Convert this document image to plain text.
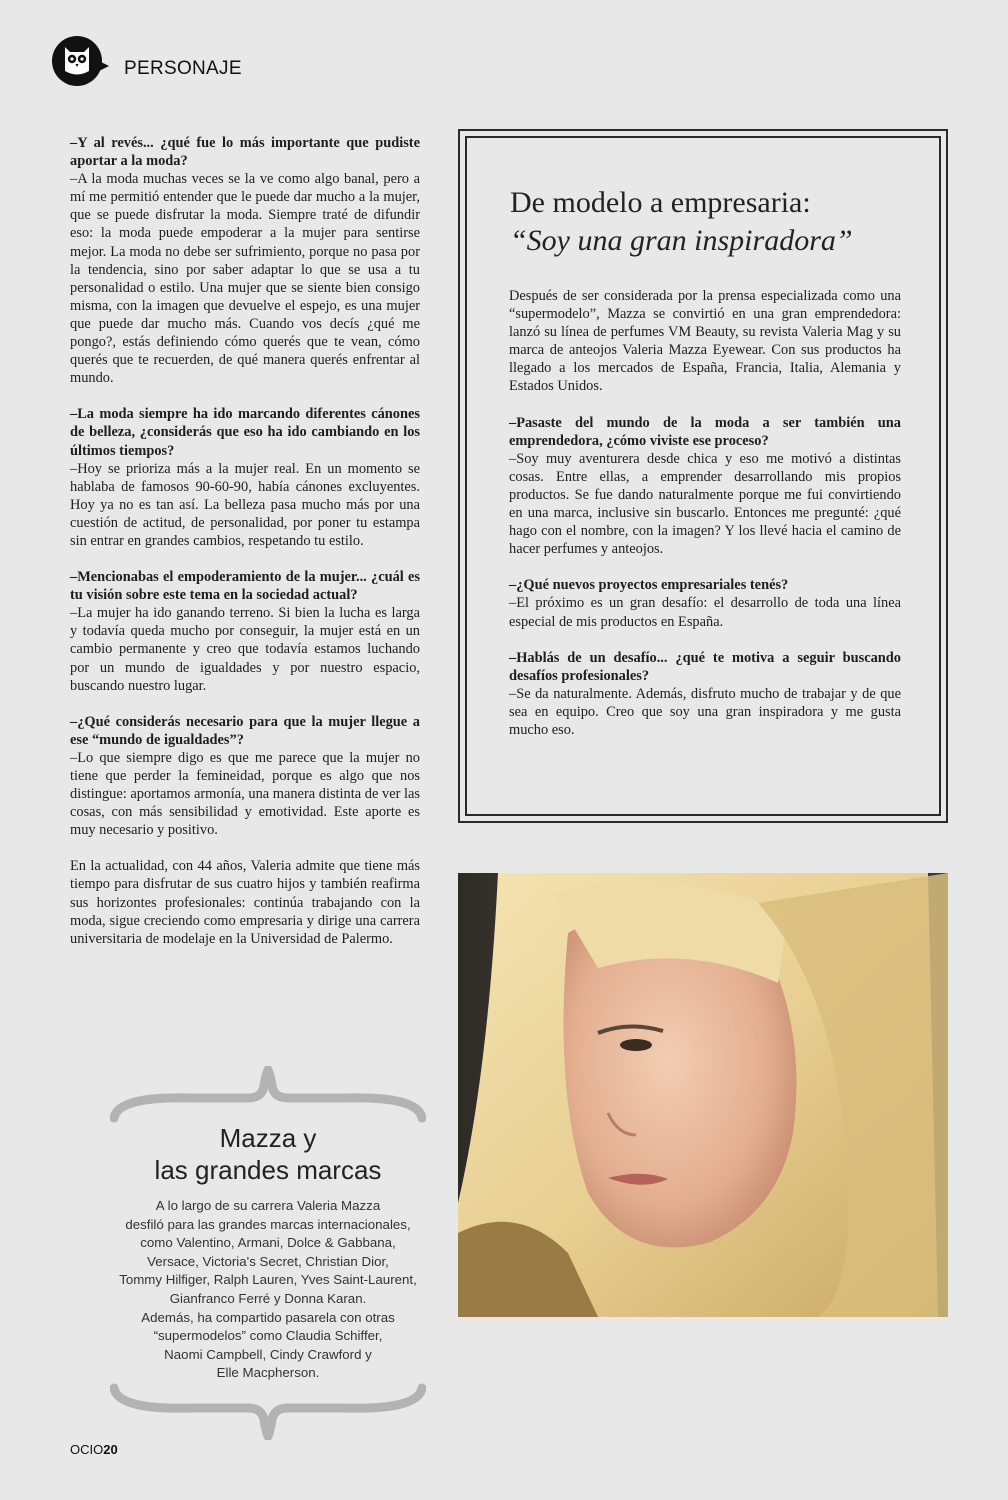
PERSONAJE
–Y al revés... ¿qué fue lo más importante que pudiste aportar a la moda?
–A la moda muchas veces se la ve como algo banal, pero a mí me permitió entender que le puede dar mucho a la mujer, que se puede disfrutar la moda. Siempre traté de difundir eso: la moda puede empoderar a la mujer para sentirse mejor. La moda no debe ser sufrimiento, porque no pasa por la tendencia, sino por saber adaptar lo que se usa a tu personalidad o estilo. Una mujer que se siente bien consigo misma, con la imagen que devuelve el espejo, es una mujer que puede dar mucho más. Cuando vos decís ¿qué me pongo?, estás definiendo cómo querés que te vean, cómo querés que te recuerden, de qué manera querés enfrentar al mundo.
–La moda siempre ha ido marcando diferentes cánones de belleza, ¿considerás que eso ha ido cambiando en los últimos tiempos?
–Hoy se prioriza más a la mujer real. En un momento se hablaba de famosos 90-60-90, había cánones excluyentes. Hoy ya no es tan así. La belleza pasa mucho más por una cuestión de actitud, de personalidad, por poner tu estampa sin entrar en grandes cambios, respetando tu estilo.
–Mencionabas el empoderamiento de la mujer... ¿cuál es tu visión sobre este tema en la sociedad actual?
–La mujer ha ido ganando terreno. Si bien la lucha es larga y todavía queda mucho por conseguir, la mujer está en un cambio permanente y creo que todavía estamos luchando por un mundo de igualdades y por nuestro espacio, buscando nuestro lugar.
–¿Qué considerás necesario para que la mujer llegue a ese “mundo de igualdades”?
–Lo que siempre digo es que me parece que la mujer no tiene que perder la femineidad, porque es algo que nos distingue: aportamos armonía, una manera distinta de ver las cosas, con más sensibilidad y emotividad. Este aporte es muy necesario y positivo.
En la actualidad, con 44 años, Valeria admite que tiene más tiempo para disfrutar de sus cuatro hijos y también reafirma sus horizontes profesionales: continúa trabajando con la moda, sigue creciendo como empresaria y dirige una carrera universitaria de modelaje en la Universidad de Palermo.
De modelo a empresaria:
“Soy una gran inspiradora”
Después de ser considerada por la prensa especializada como una “supermodelo”, Mazza se convirtió en una gran emprendedora: lanzó su línea de perfumes VM Beauty, su revista Valeria Mag y su marca de anteojos Valeria Mazza Eyewear. Con sus productos ha llegado a los mercados de España, Francia, Italia, Alemania y Estados Unidos.
–Pasaste del mundo de la moda a ser también una emprendedora, ¿cómo viviste ese proceso?
–Soy muy aventurera desde chica y eso me motivó a distintas cosas. Entre ellas, a emprender desarrollando mis propios productos. Se fue dando naturalmente porque me fui convirtiendo en una marca, inclusive sin buscarlo. Entonces me pregunté: ¿qué hago con el nombre, con la imagen? Y los llevé hacia el camino de hacer perfumes y anteojos.
–¿Qué nuevos proyectos empresariales tenés?
–El próximo es un gran desafío: el desarrollo de toda una línea especial de mis productos en España.
–Hablás de un desafío... ¿qué te motiva a seguir buscando desafíos profesionales?
–Se da naturalmente. Además, disfruto mucho de trabajar y de que sea en equipo. Creo que soy una gran inspiradora y me gusta mucho eso.
Mazza y
las grandes marcas
A lo largo de su carrera Valeria Mazza
desfiló para las grandes marcas internacionales,
como Valentino, Armani, Dolce & Gabbana,
Versace, Victoria's Secret, Christian Dior,
Tommy Hilfiger, Ralph Lauren, Yves Saint-Laurent,
Gianfranco Ferré y Donna Karan.
Además, ha compartido pasarela con otras
“supermodelos” como Claudia Schiffer,
Naomi Campbell, Cindy Crawford y
Elle Macpherson.
OCIO20
